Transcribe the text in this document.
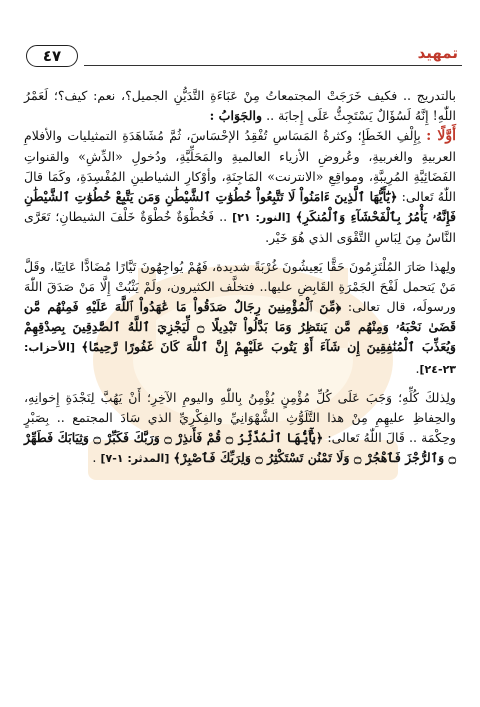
٤٧	تمهيد

بالتدريج .. فكيف خَرَجَتْ المجتمعاتُ مِنْ عَبَاءَةِ التَّدَيُّنِ الجميل؟، نعم: كيف؟؛ لَعَمْرُ اللّٰهِ! إِنَّهُ لَسُؤَالٌ يَسْتَجِثُّ عَلَى إِجابَة .. والجَوَابُ :

أَوَّلًا : بِإِلْفِ الخَطَإِ؛ وكثرةُ المَسَاسِ تُفْقِدُ الإحْسَاسَ، ثُمَّ مُشَاهَدَةِ التمثيليات والأفلامِ العربيةِ والغربيةِ، وعُروضِ الأزياء العالميةِ والمَحَلِّيَّةِ، ودُخولِ «الدِّشِ» والقنواتِ الفَضَائِيَّةِ المُرِيبَّةِ، ومواقِعِ «الانترنت» المَاجِنَةِ، وأوْكارِ الشياطينِ المُفْسِدَةِ، وكَمَا قالَ اللّٰهُ تَعالى: ﴿يَٰٓأَيُّهَا ٱلَّذِينَ ءَامَنُواْ لَا تَتَّبِعُواْ خُطُوَٰتِ ٱلشَّيْطَٰنِ وَمَن يَتَّبِعْ خُطُوَٰتِ ٱلشَّيْطَٰنِ فَإِنَّهُۥ يَأْمُرُ بِٱلْفَحْشَآءِ وَٱلْمُنكَرِ﴾ [النور: ٢١] .. فَخُطْوَةٌ خُطْوَةٌ خَلْفَ الشيطانِ؛ تَعَرَّى النَّاسُ مِنَ لِبَاسِ التَّقْوَى الذي هُوَ خَيْر.

ولِهذا صَارَ المُلْتَزِمُونَ حَقًّا يَعِيشُونَ غُرْبَةً شديدة، فَهُمْ يُواجِهُونَ تَيَّارًا مُضَادًّا عَاتِيًا، وقَلَّ مَنْ يَتحمل لَفْحَ الجَمْرَةِ القَابِضِ عليها.. فتخلَّف الكثيرون، ولَمْ يَثْبُتْ إِلَّا مَنْ صَدَقَ اللّٰهَ ورسولَه، قال تعالى: ﴿مِّنَ ٱلْمُؤْمِنِينَ رِجَالٌ صَدَقُواْ مَا عَٰهَدُواْ ٱللَّهَ عَلَيْهِ فَمِنْهُم مَّن قَضَىٰ نَحْبَهُۥ وَمِنْهُم مَّن يَنتَظِرُ وَمَا بَدَّلُواْ تَبْدِيلًا ۝ لِّيَجْزِيَ ٱللَّهُ ٱلصَّٰدِقِينَ بِصِدْقِهِمْ وَيُعَذِّبَ ٱلْمُنَٰفِقِينَ إِن شَآءَ أَوْ يَتُوبَ عَلَيْهِمْ إِنَّ ٱللَّهَ كَانَ غَفُورًا رَّحِيمًا﴾ [الأحزاب: ٢٣-٢٤].

ولِذلكَ كُلِّهِ؛ وَجَبَ عَلَى كُلِّ مُؤْمِنٍ يُؤْمِنُ بِاللّٰهِ واليومِ الآخِرِ؛ أَنْ يَهُبَّ لِنَجْدَةِ إِخوانِهِ، والحِفاظِ عليهِمِ مِنْ هذا التَّلَوُّثِ الشَّهْوَانِيِّ والفِكْرِيِّ الذي سَادَ المجتمع .. بِصَبْرٍ وحِكْمَة .. قَالَ اللّٰهُ تَعالى: ﴿يَٰٓأَيُّهَا ٱلْمُدَّثِّرُ ۝ قُمْ فَأَنذِرْ ۝ وَرَبَّكَ فَكَبِّرْ ۝ وَثِيَابَكَ فَطَهِّرْ ۝ وَٱلرُّجْزَ فَٱهْجُرْ ۝ وَلَا تَمْنُن تَسْتَكْثِرُ ۝ وَلِرَبِّكَ فَٱصْبِرْ﴾ [المدثر: ١-٧] .
